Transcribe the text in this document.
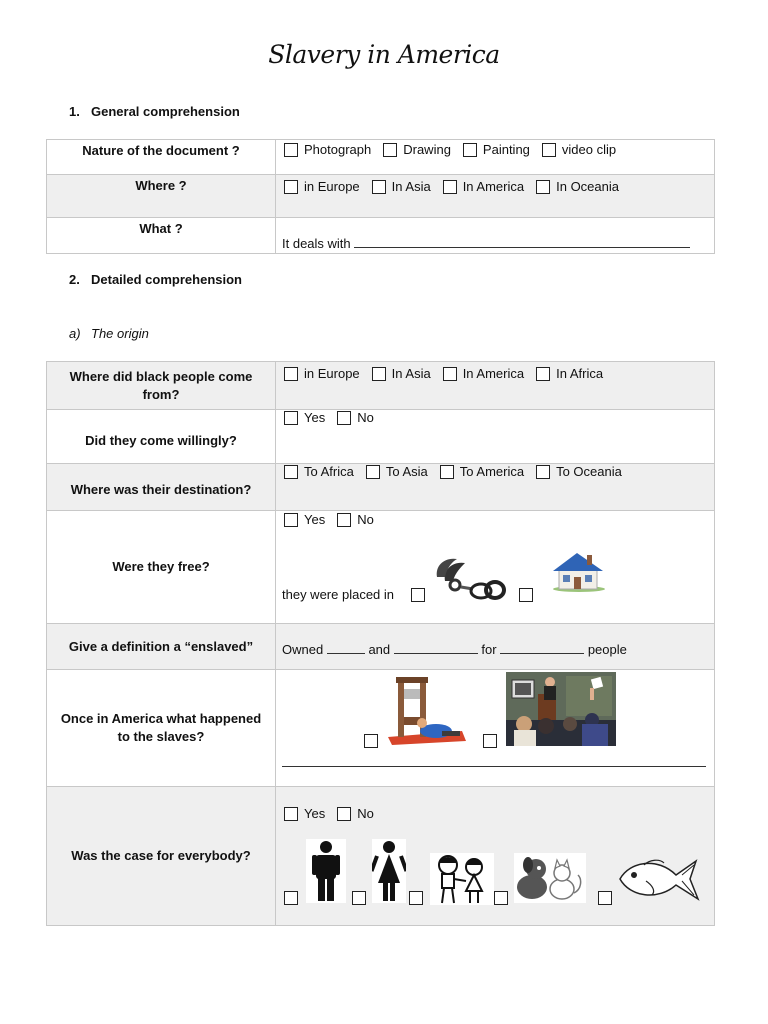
Slavery in America
1. General comprehension
Nature of the document ?	Photograph Drawing Painting video clip

Where ?	in Europe In Asia In America In Oceania

What ?	It deals with
2. Detailed comprehension
a) The origin
Where did black people come from?	in Europe In Asia In America In Africa

Did they come willingly?	Yes No

Where was their destination?	To Africa To Asia To America To Oceania

Were they free?	Yes No
they were placed in

Give a definition a “enslaved”	Owned and for people

Once in America what happened to the slaves?

Was the case for everybody?	Yes No
